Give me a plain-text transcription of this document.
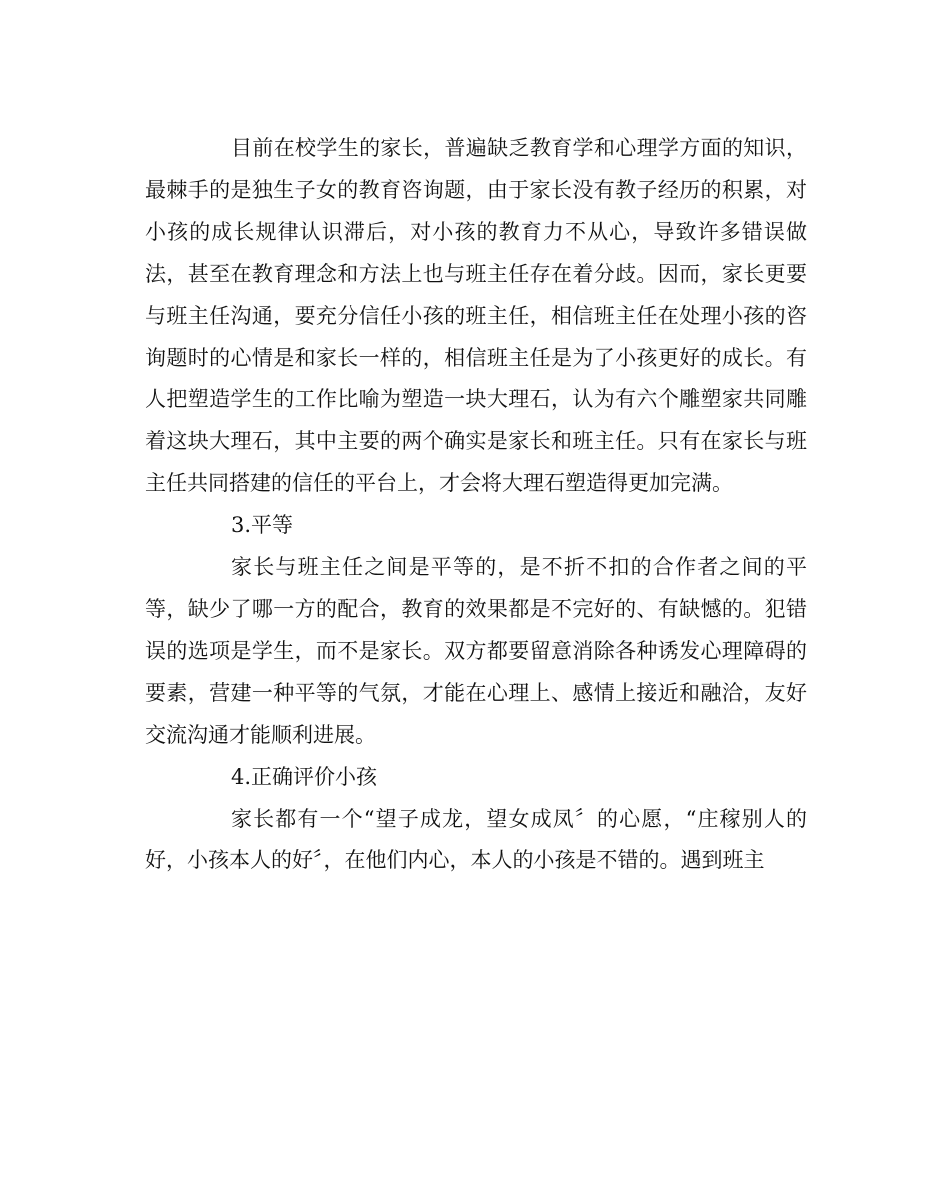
目前在校学生的家长，普遍缺乏教育学和心理学方面的知识，最棘手的是独生子女的教育咨询题，由于家长没有教子经历的积累，对小孩的成长规律认识滞后，对小孩的教育力不从心，导致许多错误做法，甚至在教育理念和方法上也与班主任存在着分歧。因而，家长更要与班主任沟通，要充分信任小孩的班主任，相信班主任在处理小孩的咨询题时的心情是和家长一样的，相信班主任是为了小孩更好的成长。有人把塑造学生的工作比喻为塑造一块大理石，认为有六个雕塑家共同雕着这块大理石，其中主要的两个确实是家长和班主任。只有在家长与班主任共同搭建的信任的平台上，才会将大理石塑造得更加完满。

3.平等

家长与班主任之间是平等的，是不折不扣的合作者之间的平等，缺少了哪一方的配合，教育的效果都是不完好的、有缺憾的。犯错误的选项是学生，而不是家长。双方都要留意消除各种诱发心理障碍的要素，营建一种平等的气氛，才能在心理上、感情上接近和融洽，友好交流沟通才能顺利进展。

4.正确评价小孩

家长都有一个“望子成龙，望女成凤〞的心愿，“庄稼别人的好，小孩本人的好〞，在他们内心，本人的小孩是不错的。遇到班主
